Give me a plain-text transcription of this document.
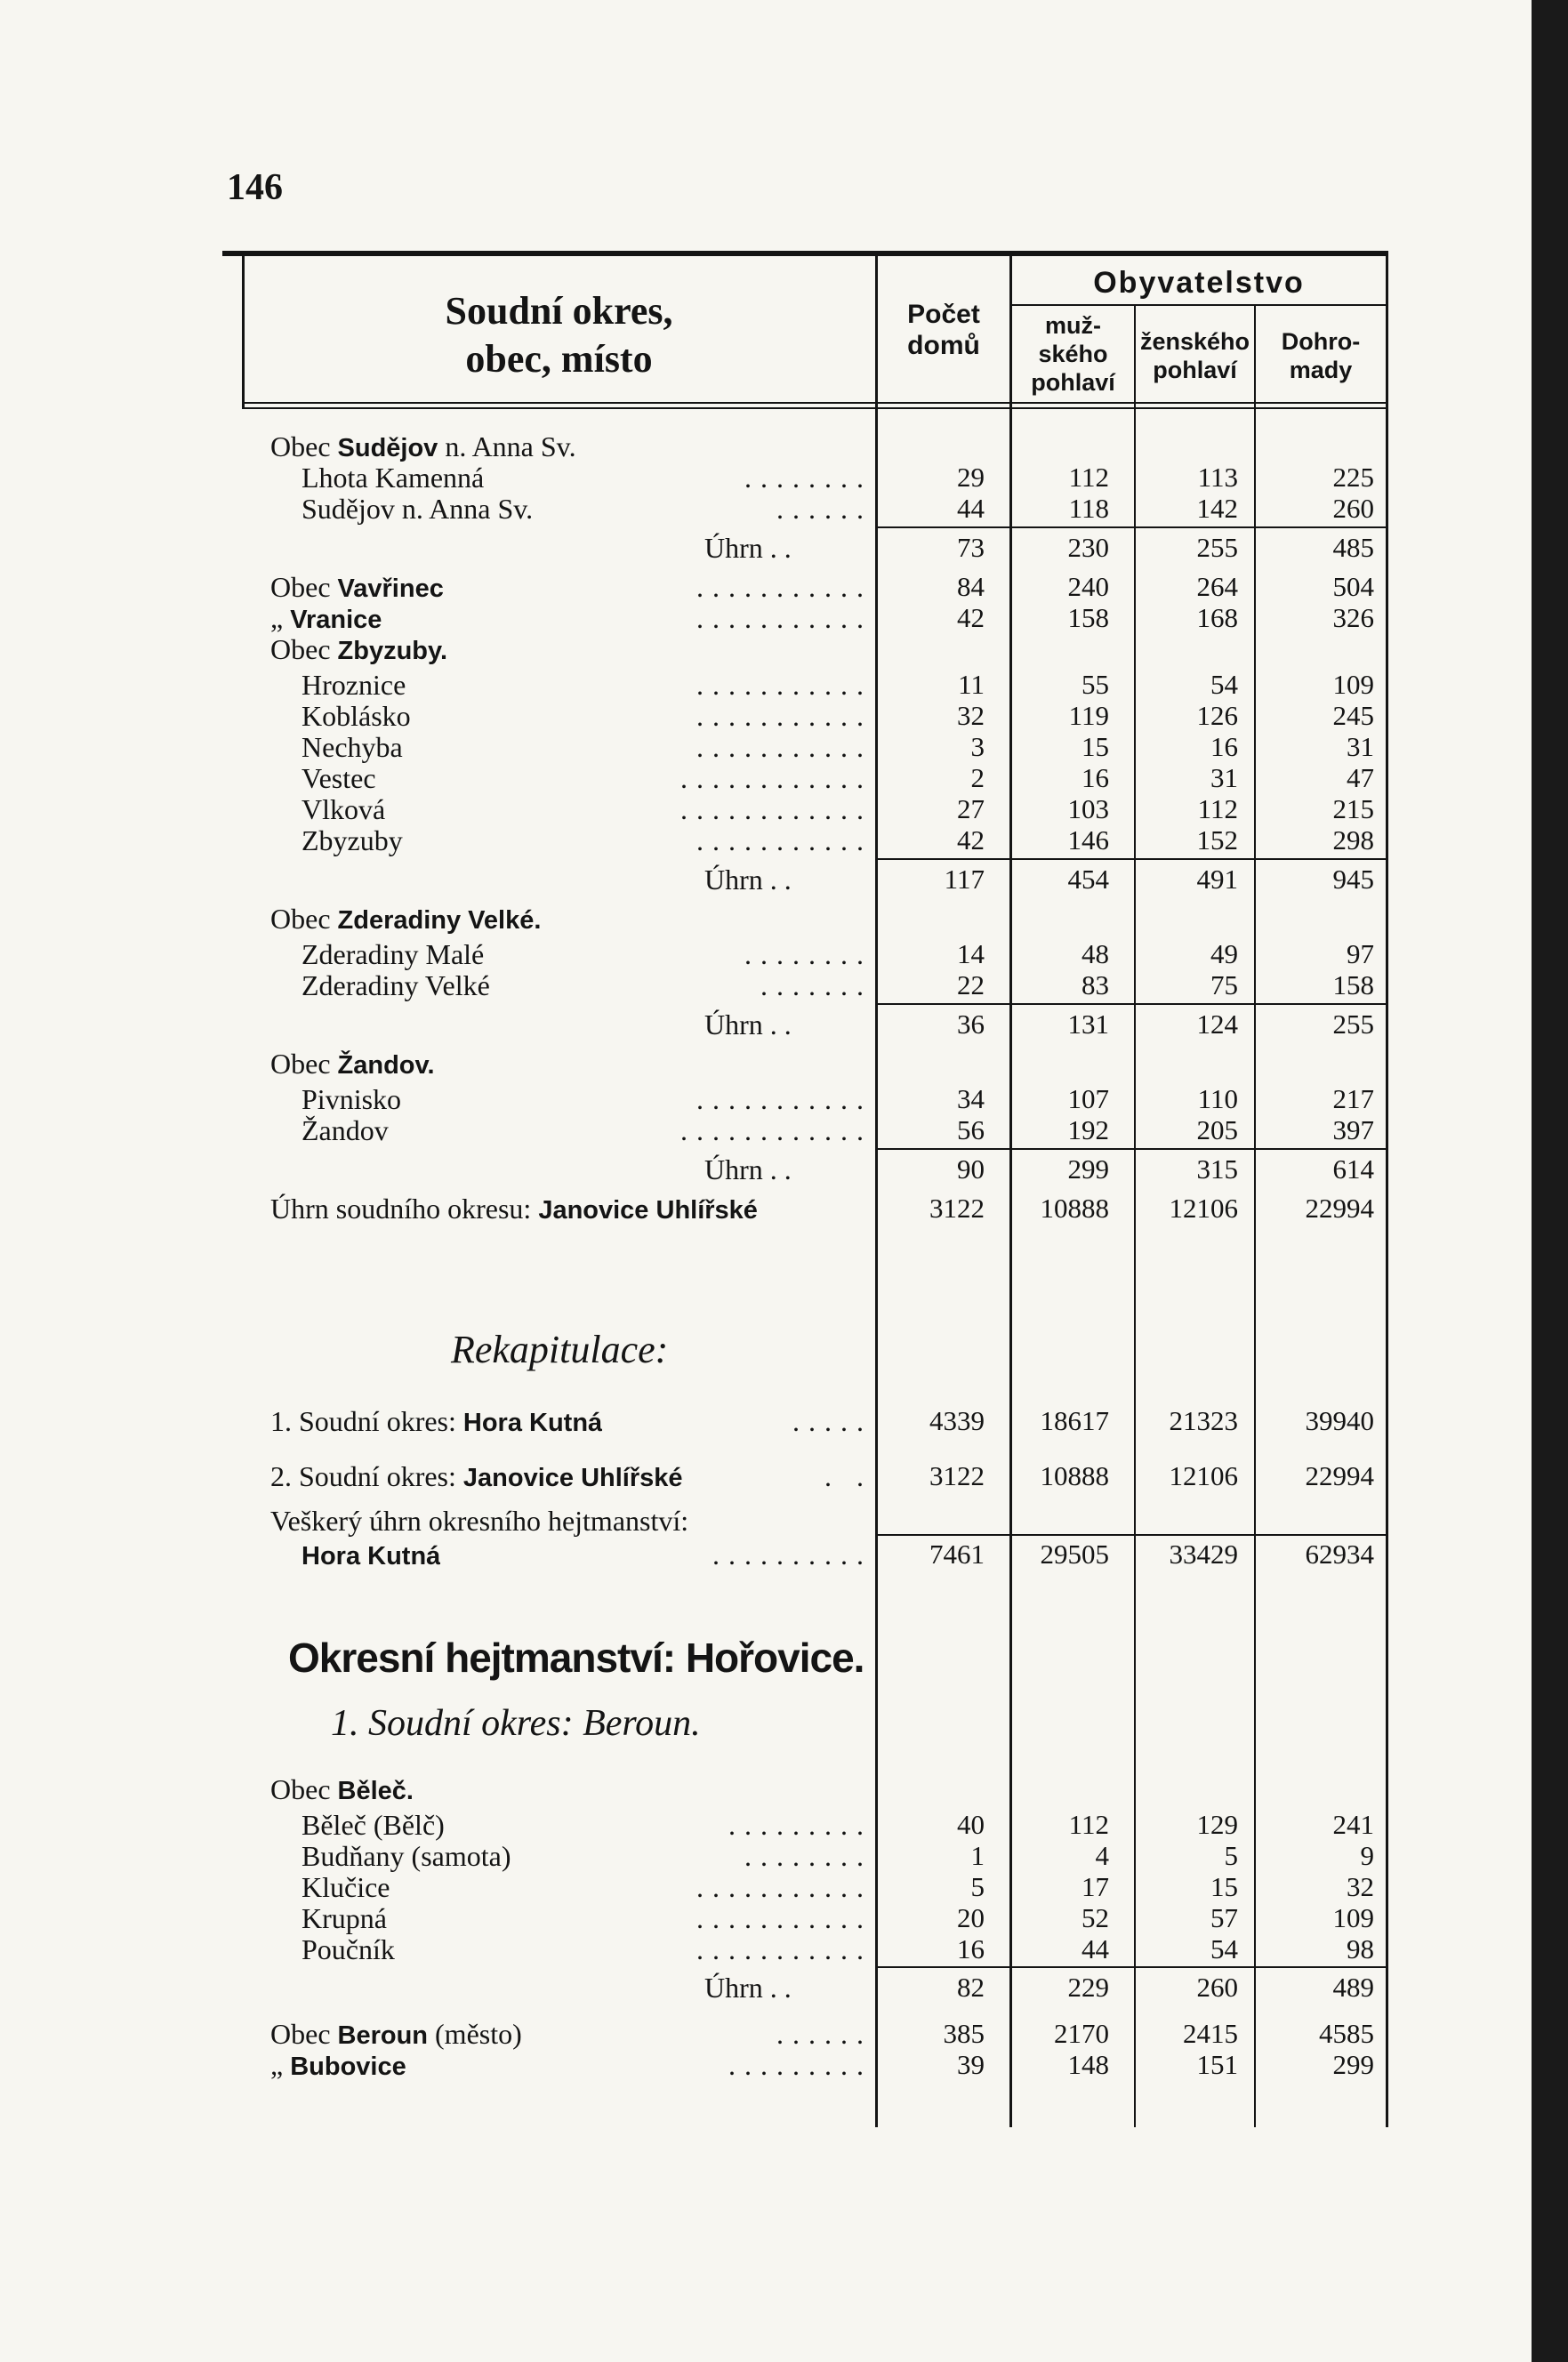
146
Soudní okres,
obec, místo
Počet
domů
Obyvatelstvo
muž-
ského
pohlaví
ženského
pohlaví
Dohro-
mady
Rekapitulace:
Okresní hejtmanství: Hořovice.
1. Soudní okres: Beroun.
Obec Sudějov n. Anna Sv.
Lhota Kamenná	........	29	112	113	225
Sudějov n. Anna Sv.	......	44	118	142	260
Úhrn . .	73	230	255	485
Obec Vavřinec	...........	84	240	264	504
„ Vranice	...........	42	158	168	326
Obec Zbyzuby.
Hroznice	...........	11	55	54	109
Koblásko	...........	32	119	126	245
Nechyba	...........	3	15	16	31
Vestec	............	2	16	31	47
Vlková	............	27	103	112	215
Zbyzuby	...........	42	146	152	298
Úhrn . .	117	454	491	945
Obec Zderadiny Velké.
Zderadiny Malé	........	14	48	49	97
Zderadiny Velké	.......	22	83	75	158
Úhrn . .	36	131	124	255
Obec Žandov.
Pivnisko	...........	34	107	110	217
Žandov	............	56	192	205	397
Úhrn . .	90	299	315	614
Úhrn soudního okresu: Janovice Uhlířské	3122	10888	12106	22994
1. Soudní okres: Hora Kutná	.....	4339	18617	21323	39940
2. Soudní okres: Janovice Uhlířské	. .	3122	10888	12106	22994
Veškerý úhrn okresního hejtmanství:
Hora Kutná	..........	7461	29505	33429	62934
Obec Běleč.
Běleč (Bělč)	.........	40	112	129	241
Budňany (samota)	........	1	4	5	9
Klučice	...........	5	17	15	32
Krupná	...........	20	52	57	109
Poučník	...........	16	44	54	98
Úhrn . .	82	229	260	489
Obec Beroun (město)	......	385	2170	2415	4585
„ Bubovice	.........	39	148	151	299
